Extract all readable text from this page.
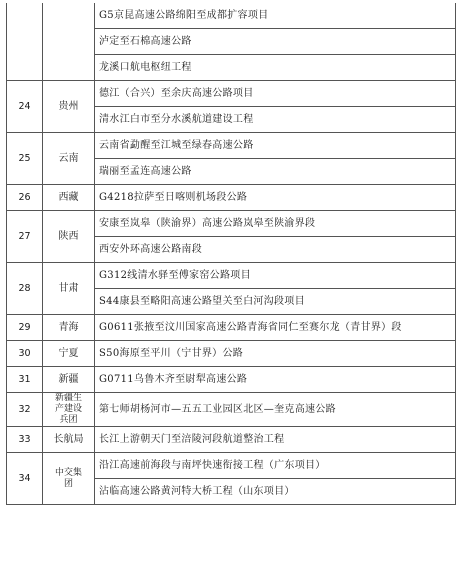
		G5京昆高速公路绵阳至成都扩容项目
		泸定至石棉高速公路
		龙溪口航电枢纽工程
24	贵州	德江（合兴）至余庆高速公路项目
		清水江白市至分水溪航道建设工程
25	云南	云南省勐醒至江城至绿春高速公路
		瑞丽至孟连高速公路
26	西藏	G4218拉萨至日喀则机场段公路
27	陕西	安康至岚皋（陕渝界）高速公路岚皋至陕渝界段
		西安外环高速公路南段
28	甘肃	G312线清水驿至傅家窑公路项目
		S44康县至略阳高速公路望关至白河沟段项目
29	青海	G0611张掖至汶川国家高速公路青海省同仁至赛尔龙（青甘界）段
30	宁夏	S50海原至平川（宁甘界）公路
31	新疆	G0711乌鲁木齐至尉犁高速公路
32	新疆生产建设兵团	第七师胡杨河市—五五工业园区北区—奎克高速公路
33	长航局	长江上游朝天门至涪陵河段航道整治工程
34	中交集团	沿江高速前海段与南坪快速衔接工程（广东项目）
		沾临高速公路黄河特大桥工程（山东项目）
